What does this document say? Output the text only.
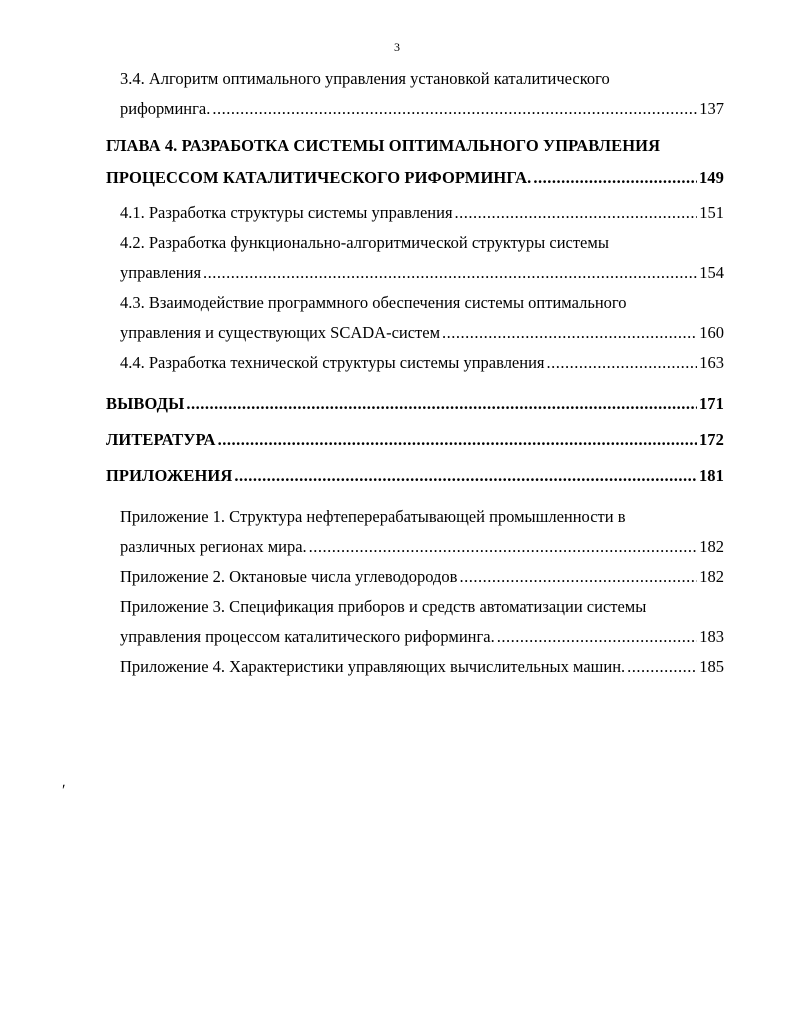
3
3.4. Алгоритм оптимального управления установкой каталитического
риформинга. .....	137
ГЛАВА 4. РАЗРАБОТКА СИСТЕМЫ ОПТИМАЛЬНОГО УПРАВЛЕНИЯ
ПРОЦЕССОМ КАТАЛИТИЧЕСКОГО РИФОРМИНГА. .....	149
4.1. Разработка структуры системы управления .....	151
4.2. Разработка функционально-алгоритмической структуры системы
управления .....	154
4.3. Взаимодействие программного обеспечения системы оптимального
управления и существующих SCADA-систем .....	160
4.4. Разработка технической структуры системы управления .....	163
ВЫВОДЫ .....	171
ЛИТЕРАТУРА .....	172
ПРИЛОЖЕНИЯ .....	181
Приложение 1. Структура нефтеперерабатывающей промышленности в
различных регионах мира. .....	182
Приложение 2. Октановые числа углеводородов .....	182
Приложение 3. Спецификация приборов и средств автоматизации системы
управления процессом каталитического риформинга. .....	183
Приложение 4. Характеристики управляющих вычислительных машин. .....	185
ʹ
